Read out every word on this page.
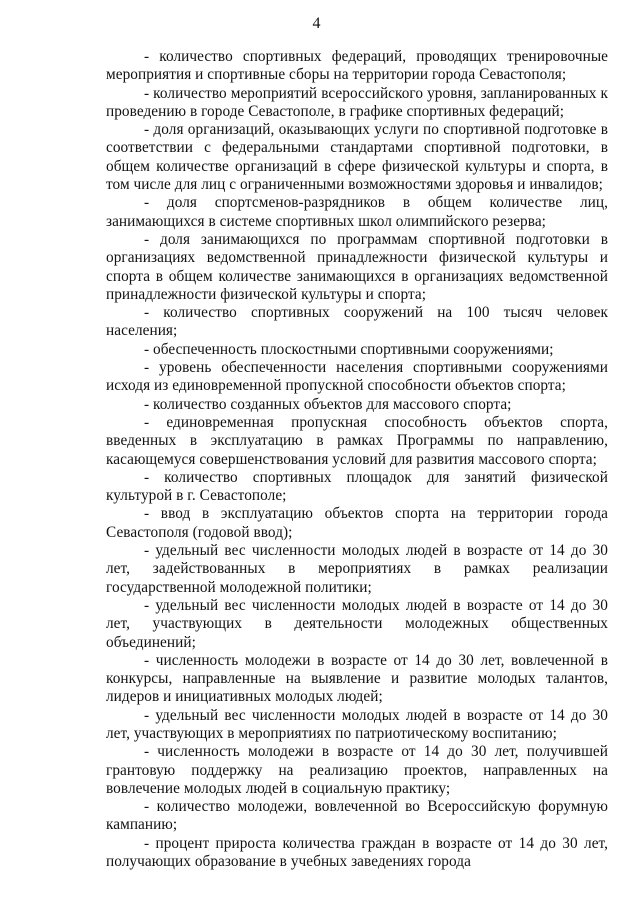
4

- количество спортивных федераций, проводящих тренировочные мероприятия и спортивные сборы на территории города Севастополя;

- количество мероприятий всероссийского уровня, запланированных к проведению в городе Севастополе, в графике спортивных федераций;

- доля организаций, оказывающих услуги по спортивной подготовке в соответствии с федеральными стандартами спортивной подготовки, в общем количестве организаций в сфере физической культуры и спорта, в том числе для лиц с ограниченными возможностями здоровья и инвалидов;

- доля спортсменов-разрядников в общем количестве лиц, занимающихся в системе спортивных школ олимпийского резерва;

- доля занимающихся по программам спортивной подготовки в организациях ведомственной принадлежности физической культуры и спорта в общем количестве занимающихся в организациях ведомственной принадлежности физической культуры и спорта;

- количество спортивных сооружений на 100 тысяч человек населения;

- обеспеченность плоскостными спортивными сооружениями;

- уровень обеспеченности населения спортивными сооружениями исходя из единовременной пропускной способности объектов спорта;

- количество созданных объектов для массового спорта;

- единовременная пропускная способность объектов спорта, введенных в эксплуатацию в рамках Программы по направлению, касающемуся совершенствования условий для развития массового спорта;

- количество спортивных площадок для занятий физической культурой в г. Севастополе;

- ввод в эксплуатацию объектов спорта на территории города Севастополя (годовой ввод);

- удельный вес численности молодых людей в возрасте от 14 до 30 лет, задействованных в мероприятиях в рамках реализации государственной молодежной политики;

- удельный вес численности молодых людей в возрасте от 14 до 30 лет, участвующих в деятельности молодежных общественных объединений;

- численность молодежи в возрасте от 14 до 30 лет, вовлеченной в конкурсы, направленные на выявление и развитие молодых талантов, лидеров и инициативных молодых людей;

- удельный вес численности молодых людей в возрасте от 14 до 30 лет, участвующих в мероприятиях по патриотическому воспитанию;

- численность молодежи в возрасте от 14 до 30 лет, получившей грантовую поддержку на реализацию проектов, направленных на вовлечение молодых людей в социальную практику;

- количество молодежи, вовлеченной во Всероссийскую форумную кампанию;

- процент прироста количества граждан в возрасте от 14 до 30 лет, получающих образование в учебных заведениях города
